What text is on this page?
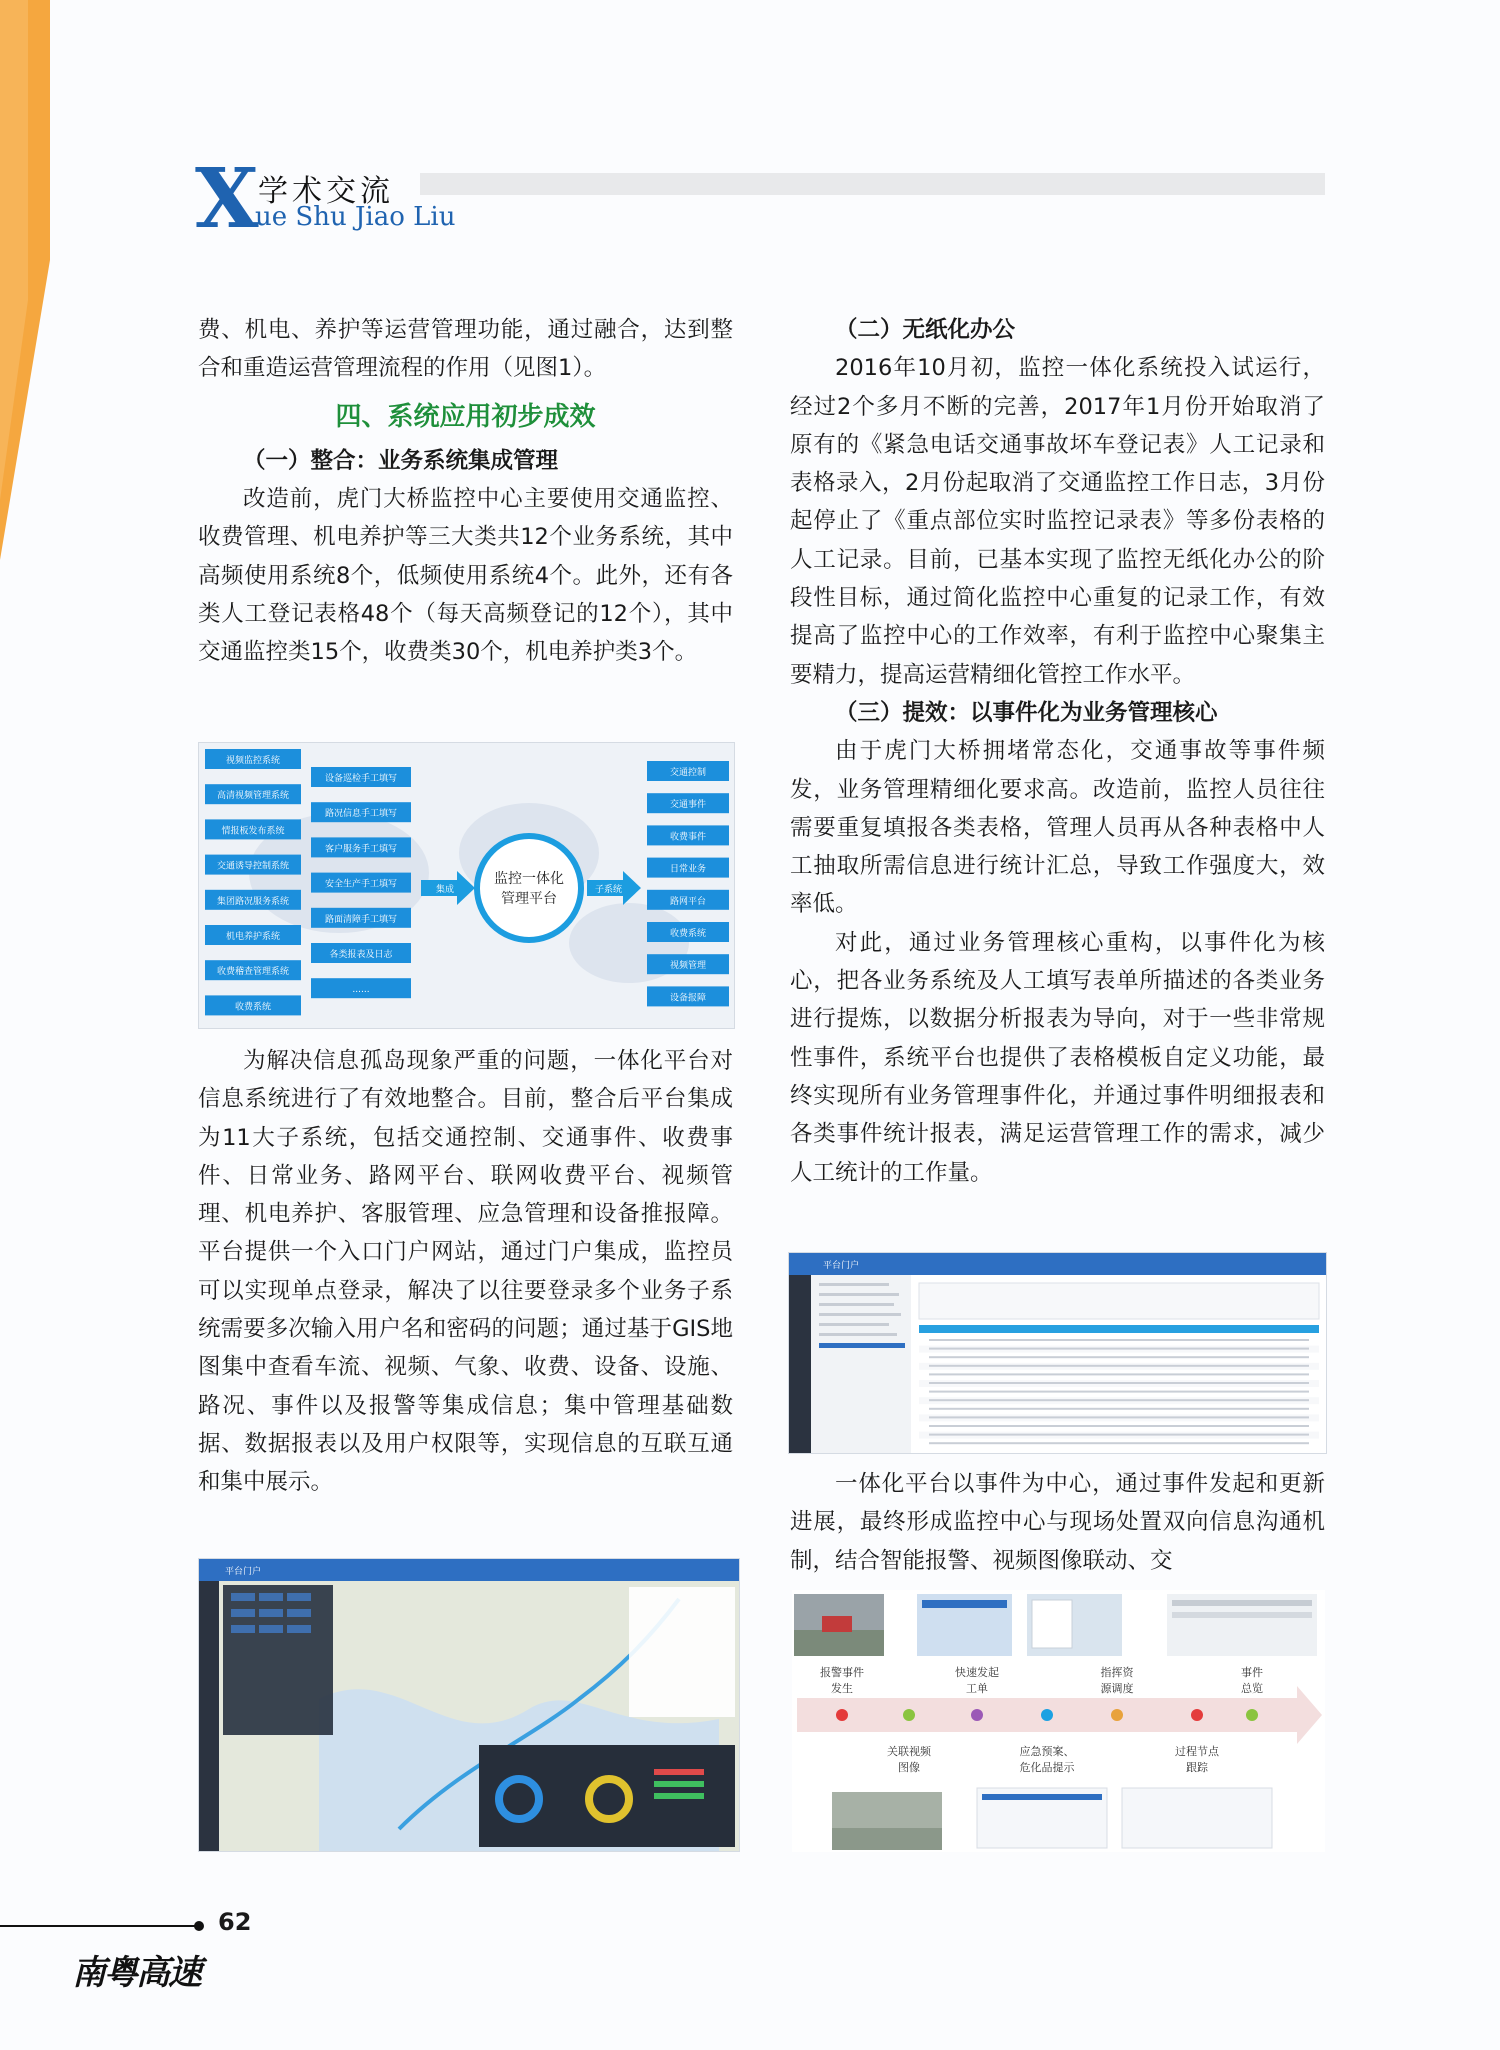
X 学术交流
ue Shu Jiao Liu

费、机电、养护等运营管理功能，通过融合，达到整合和重造运营管理流程的作用（见图1）。

四、系统应用初步成效

（一）整合：业务系统集成管理

改造前，虎门大桥监控中心主要使用交通监控、收费管理、机电养护等三大类共12个业务系统，其中高频使用系统8个，低频使用系统4个。此外，还有各类人工登记表格48个（每天高频登记的12个），其中交通监控类15个，收费类30个，机电养护类3个。

视频监控系统
高清视频管理系统
情报板发布系统
交通诱导控制系统
集团路况服务系统
机电养护系统
收费稽查管理系统
收费系统
设备巡检手工填写
路况信息手工填写
客户服务手工填写
安全生产手工填写
路面清障手工填写
各类报表及日志
......
交通控制
交通事件
收费事件
日常业务
路网平台
收费系统
视频管理
设备报障
集成	子系统
监控一体化
管理平台

为解决信息孤岛现象严重的问题，一体化平台对信息系统进行了有效地整合。目前，整合后平台集成为11大子系统，包括交通控制、交通事件、收费事件、日常业务、路网平台、联网收费平台、视频管理、机电养护、客服管理、应急管理和设备推报障。平台提供一个入口门户网站，通过门户集成，监控员可以实现单点登录，解决了以往要登录多个业务子系统需要多次输入用户名和密码的问题；通过基于GIS地图集中查看车流、视频、气象、收费、设备、设施、路况、事件以及报警等集成信息；集中管理基础数据、数据报表以及用户权限等，实现信息的互联互通和集中展示。

平台门户

（二）无纸化办公

2016年10月初，监控一体化系统投入试运行，经过2个多月不断的完善，2017年1月份开始取消了原有的《紧急电话交通事故坏车登记表》人工记录和表格录入，2月份起取消了交通监控工作日志，3月份起停止了《重点部位实时监控记录表》等多份表格的人工记录。目前，已基本实现了监控无纸化办公的阶段性目标，通过简化监控中心重复的记录工作，有效提高了监控中心的工作效率，有利于监控中心聚集主要精力，提高运营精细化管控工作水平。

（三）提效：以事件化为业务管理核心

由于虎门大桥拥堵常态化，交通事故等事件频发，业务管理精细化要求高。改造前，监控人员往往需要重复填报各类表格，管理人员再从各种表格中人工抽取所需信息进行统计汇总，导致工作强度大，效率低。

对此，通过业务管理核心重构，以事件化为核心，把各业务系统及人工填写表单所描述的各类业务进行提炼，以数据分析报表为导向，对于一些非常规性事件，系统平台也提供了表格模板自定义功能，最终实现所有业务管理事件化，并通过事件明细报表和各类事件统计报表，满足运营管理工作的需求，减少人工统计的工作量。

平台门户

一体化平台以事件为中心，通过事件发起和更新进展，最终形成监控中心与现场处置双向信息沟通机制，结合智能报警、视频图像联动、交

报警事件
发生
快速发起
工单
指挥资
源调度
事件
总览
关联视频
图像
应急预案、
危化品提示
过程节点
跟踪
62
南粤高速
